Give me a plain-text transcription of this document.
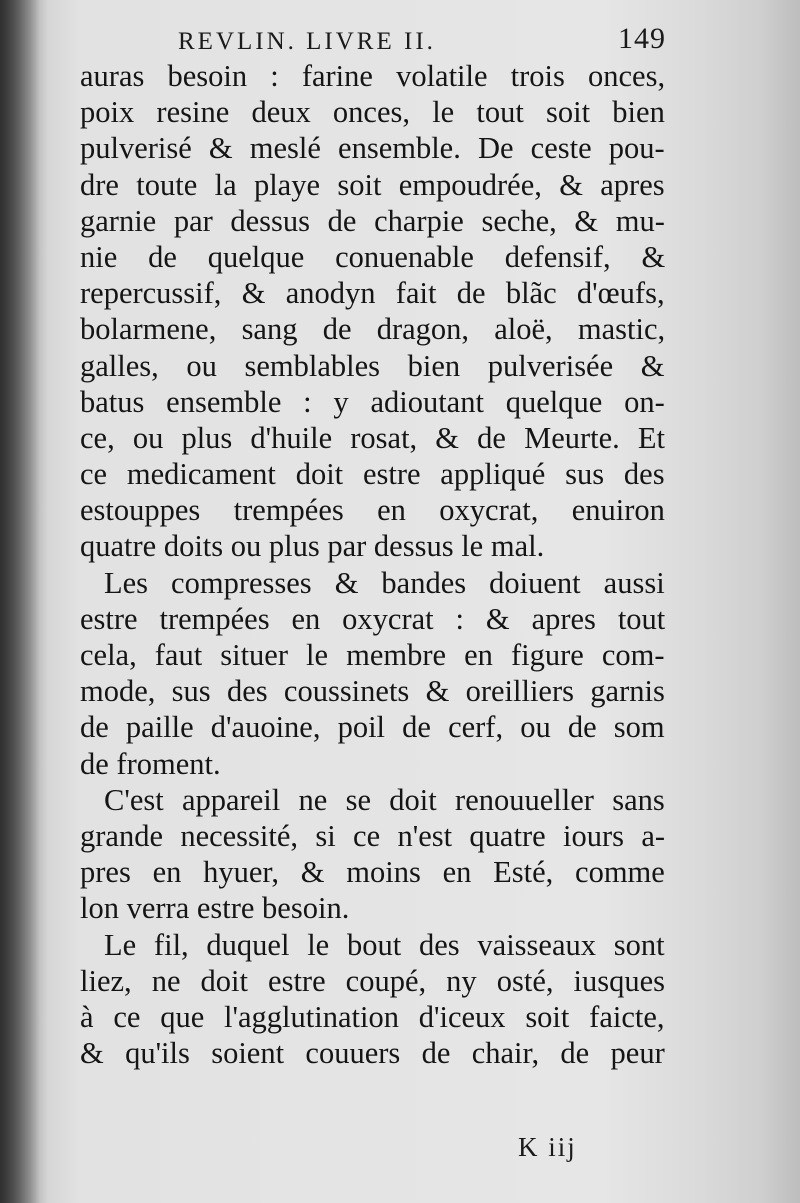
REVLIN. LIVRE II.	149
auras besoin : farine volatile trois onces,
poix resine deux onces, le tout soit bien
pulverisé & meslé ensemble. De ceste pou-
dre toute la playe soit empoudrée, & apres
garnie par dessus de charpie seche, & mu-
nie de quelque conuenable defensif, &
repercussif, & anodyn fait de blãc d'œufs,
bolarmene, sang de dragon, aloë, mastic,
galles, ou semblables bien pulverisée &
batus ensemble : y adioutant quelque on-
ce, ou plus d'huile rosat, & de Meurte. Et
ce medicament doit estre appliqué sus des
estouppes trempées en oxycrat, enuiron
quatre doits ou plus par dessus le mal.
Les compresses & bandes doiuent aussi
estre trempées en oxycrat : & apres tout
cela, faut situer le membre en figure com-
mode, sus des coussinets & oreilliers garnis
de paille d'auoine, poil de cerf, ou de som
de froment.
C'est appareil ne se doit renouueller sans
grande necessité, si ce n'est quatre iours a-
pres en hyuer, & moins en Esté, comme
lon verra estre besoin.
Le fil, duquel le bout des vaisseaux sont
liez, ne doit estre coupé, ny osté, iusques
à ce que l'agglutination d'iceux soit faicte,
& qu'ils soient couuers de chair, de peur
K iij
